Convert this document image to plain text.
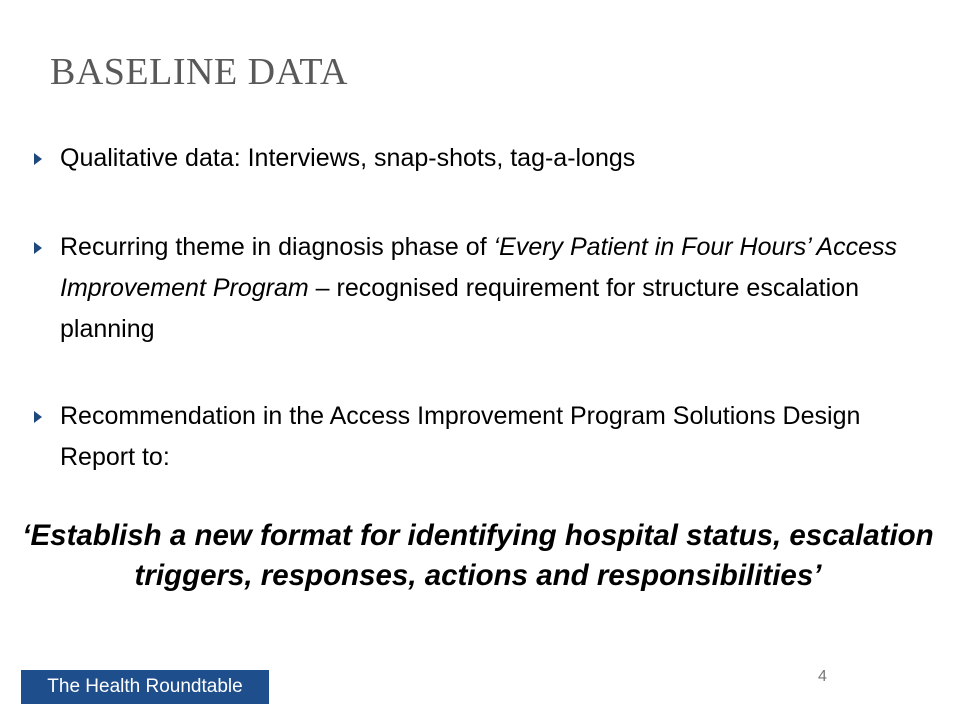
BASELINE DATA
Qualitative data: Interviews, snap-shots, tag-a-longs
Recurring theme in diagnosis phase of ‘Every Patient in Four Hours’ Access Improvement Program – recognised requirement for structure escalation planning
Recommendation in the Access Improvement Program Solutions Design Report to:

‘Establish a new format for identifying hospital status, escalation triggers, responses, actions and responsibilities’

The Health Roundtable	4
